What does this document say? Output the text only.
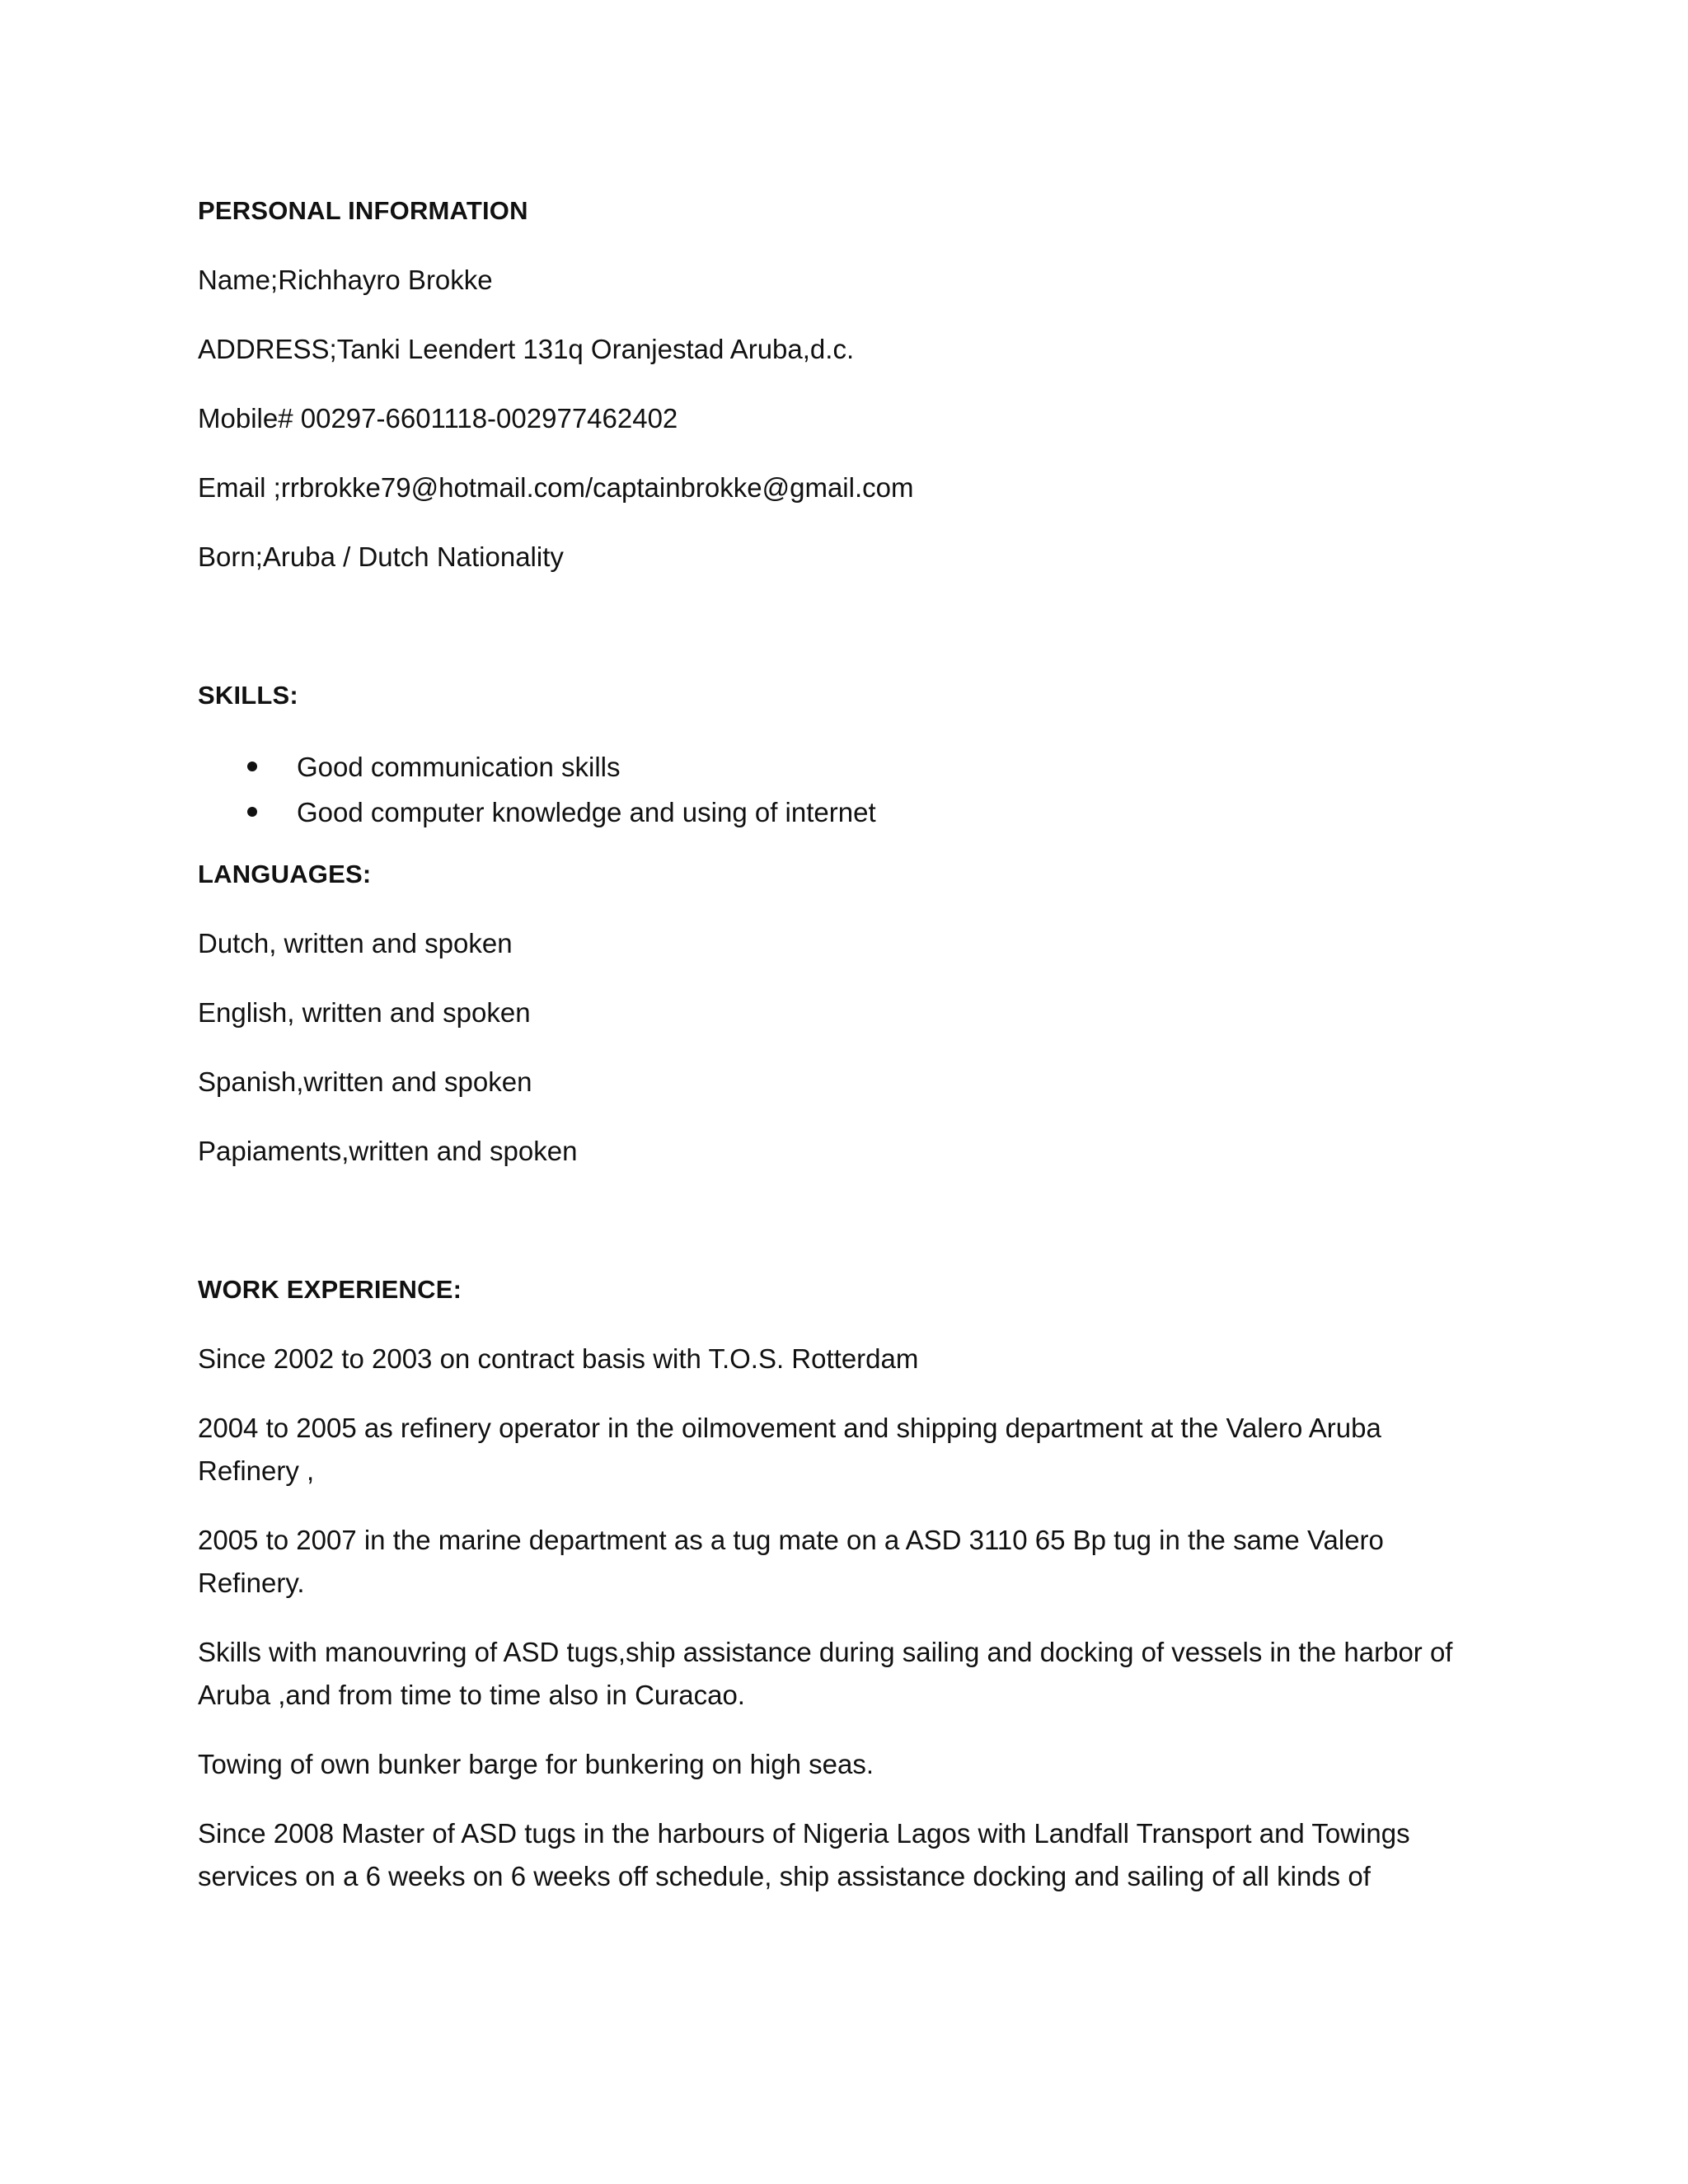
PERSONAL INFORMATION

Name;Richhayro Brokke

ADDRESS;Tanki Leendert 131q Oranjestad Aruba,d.c.

Mobile# 00297-6601118-002977462402

Email ;rrbrokke79@hotmail.com/captainbrokke@gmail.com

Born;Aruba / Dutch Nationality

SKILLS:

Good communication skills
Good computer knowledge and using of internet

LANGUAGES:

Dutch, written and spoken

English, written and spoken

Spanish,written and spoken

Papiaments,written and spoken

WORK EXPERIENCE:

Since 2002 to 2003 on contract basis with T.O.S. Rotterdam

2004 to 2005 as refinery operator in the oilmovement and shipping department at the Valero Aruba Refinery ,

2005 to 2007 in the marine department as a tug mate on a ASD 3110 65 Bp tug in the same Valero Refinery.

Skills with manouvring of ASD tugs,ship assistance during sailing and docking of vessels in the harbor of Aruba ,and from time to time also in Curacao.

Towing of own bunker barge for bunkering on high seas.

Since 2008 Master of ASD tugs in the harbours of Nigeria Lagos with Landfall Transport and Towings services on a 6 weeks on 6 weeks off schedule, ship assistance docking and sailing of all kinds of
